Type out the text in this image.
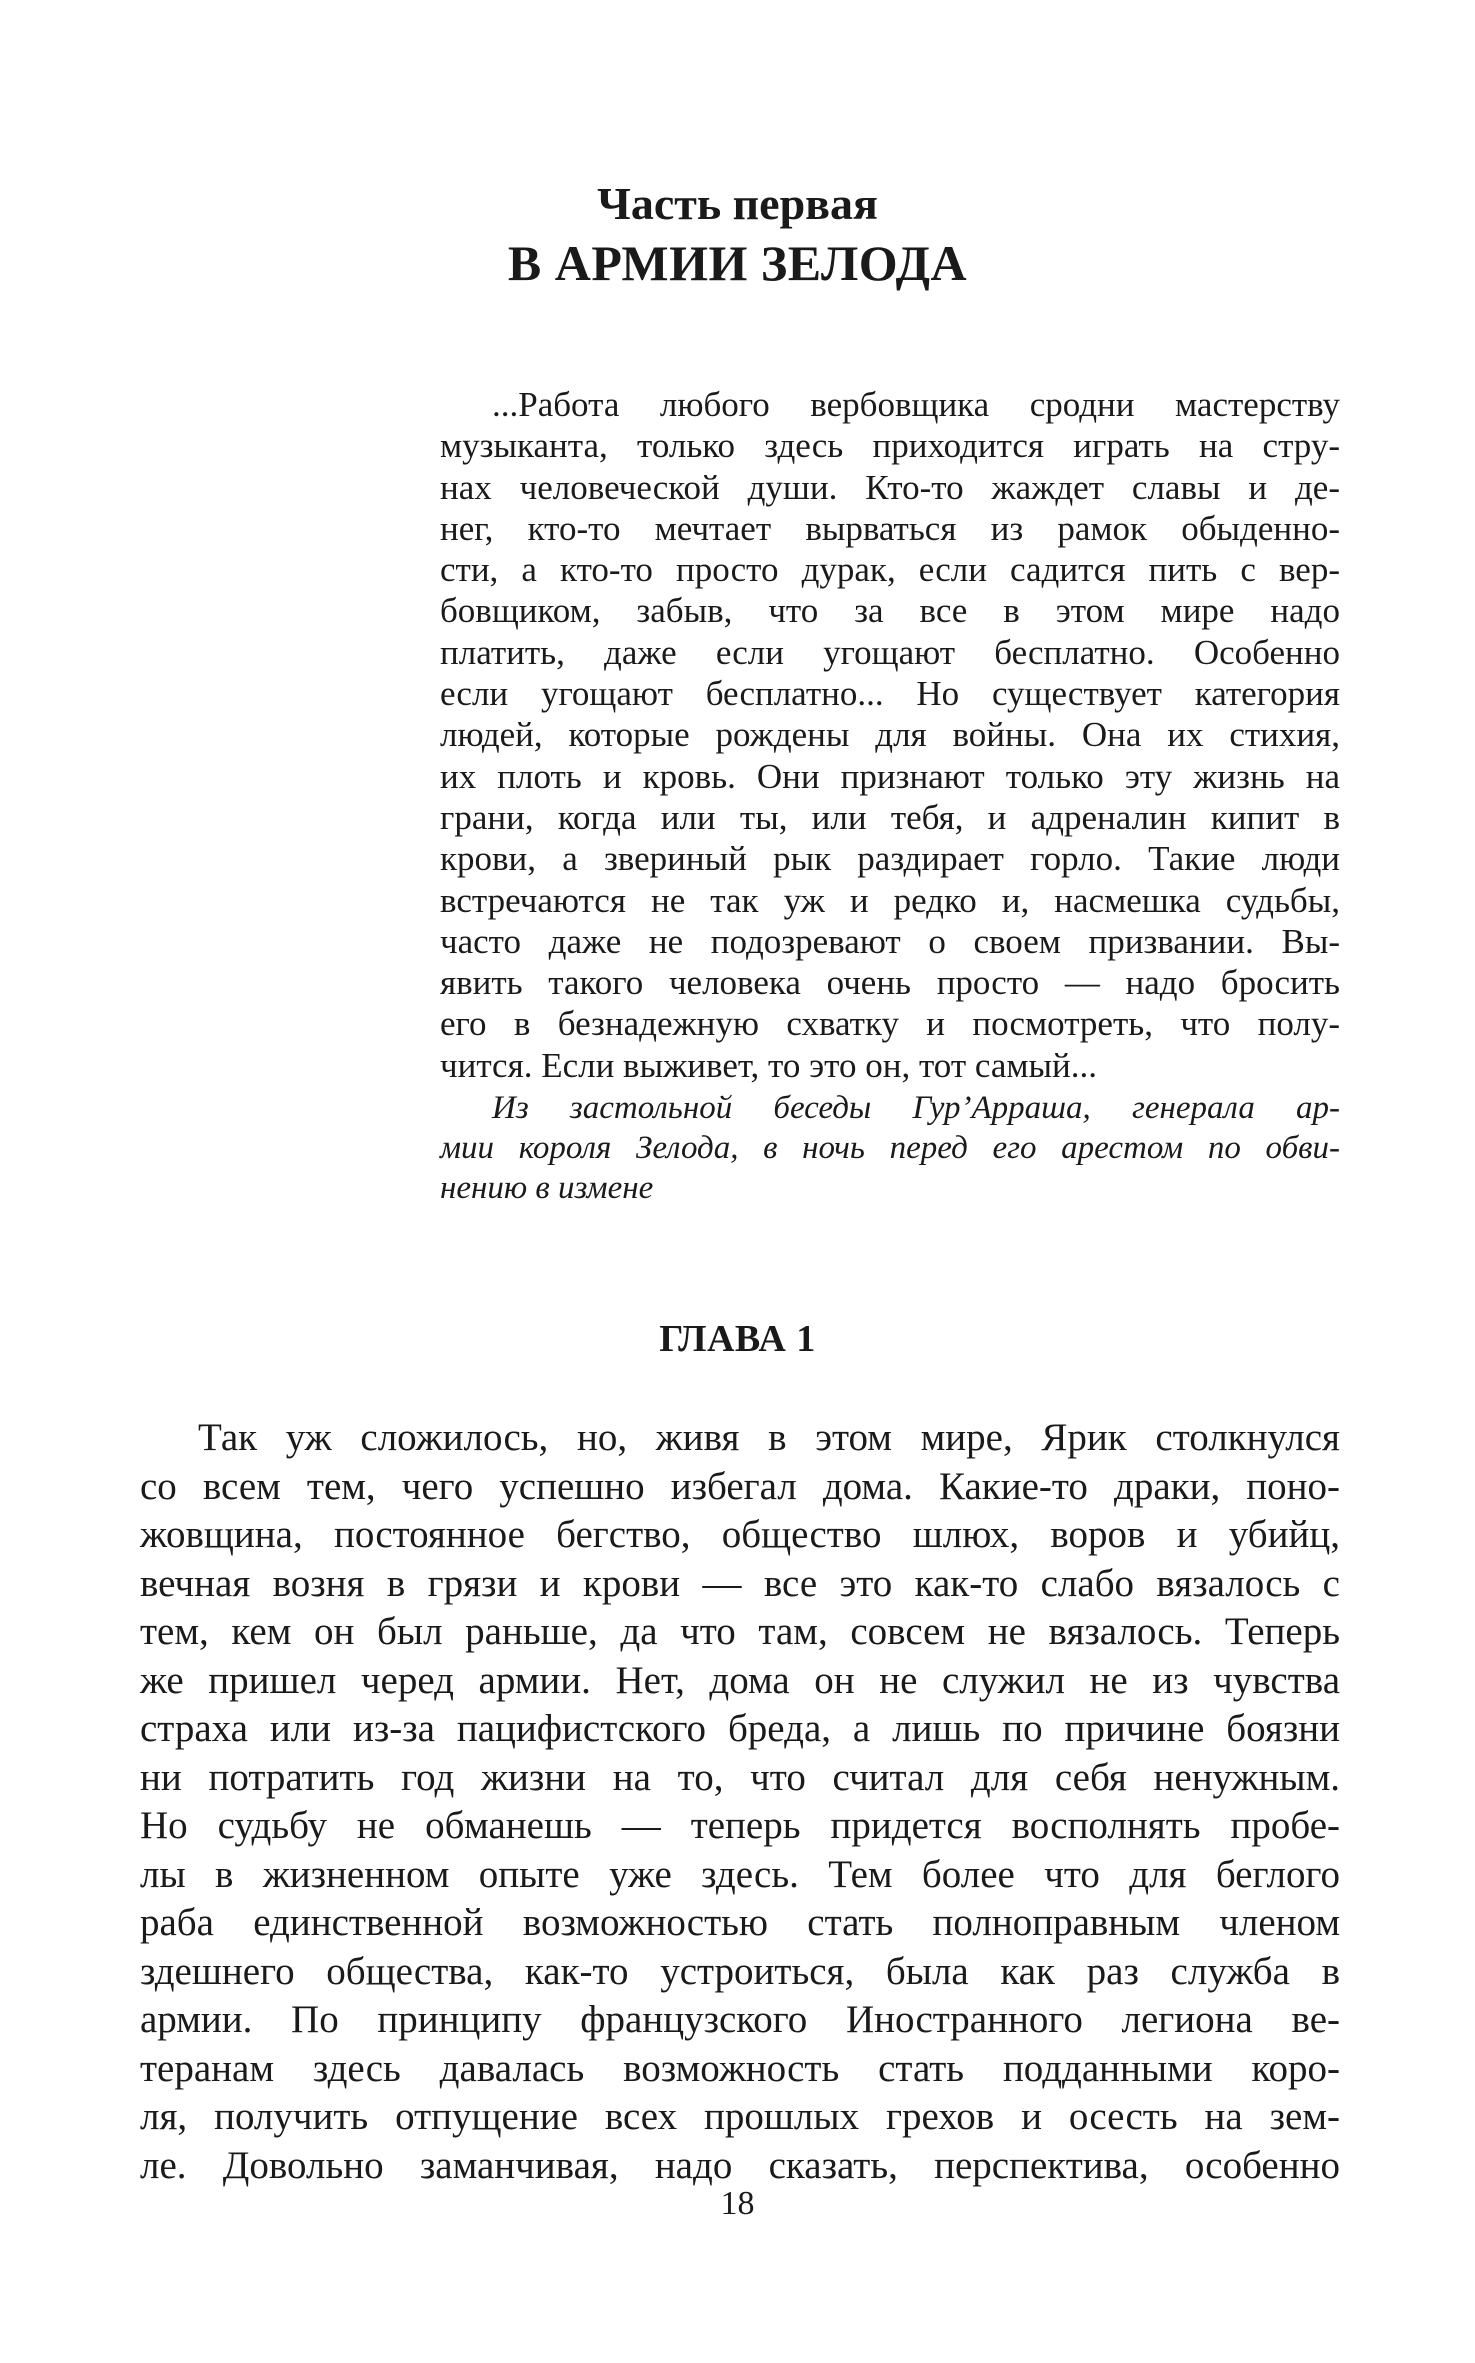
Часть первая
В АРМИИ ЗЕЛОДА
...Работа любого вербовщика сродни мастерству
музыканта, только здесь приходится играть на стру-
нах человеческой души. Кто-то жаждет славы и де-
нег, кто-то мечтает вырваться из рамок обыденно-
сти, а кто-то просто дурак, если садится пить с вер-
бовщиком, забыв, что за все в этом мире надо
платить, даже если угощают бесплатно. Особенно
если угощают бесплатно... Но существует категория
людей, которые рождены для войны. Она их стихия,
их плоть и кровь. Они признают только эту жизнь на
грани, когда или ты, или тебя, и адреналин кипит в
крови, а звериный рык раздирает горло. Такие люди
встречаются не так уж и редко и, насмешка судьбы,
часто даже не подозревают о своем призвании. Вы-
явить такого человека очень просто — надо бросить
его в безнадежную схватку и посмотреть, что полу-
чится. Если выживет, то это он, тот самый...
Из застольной беседы Гур’Арраша, генерала ар-
мии короля Зелода, в ночь перед его арестом по обви-
нению в измене
ГЛАВА 1
Так уж сложилось, но, живя в этом мире, Ярик столкнулся
со всем тем, чего успешно избегал дома. Какие-то драки, поно-
жовщина, постоянное бегство, общество шлюх, воров и убийц,
вечная возня в грязи и крови — все это как-то слабо вязалось с
тем, кем он был раньше, да что там, совсем не вязалось. Теперь
же пришел черед армии. Нет, дома он не служил не из чувства
страха или из-за пацифистского бреда, а лишь по причине боязни
ни потратить год жизни на то, что считал для себя ненужным.
Но судьбу не обманешь — теперь придется восполнять пробе-
лы в жизненном опыте уже здесь. Тем более что для беглого
раба единственной возможностью стать полноправным членом
здешнего общества, как-то устроиться, была как раз служба в
армии. По принципу французского Иностранного легиона ве-
теранам здесь давалась возможность стать подданными коро-
ля, получить отпущение всех прошлых грехов и осесть на зем-
ле. Довольно заманчивая, надо сказать, перспектива, особенно
18
